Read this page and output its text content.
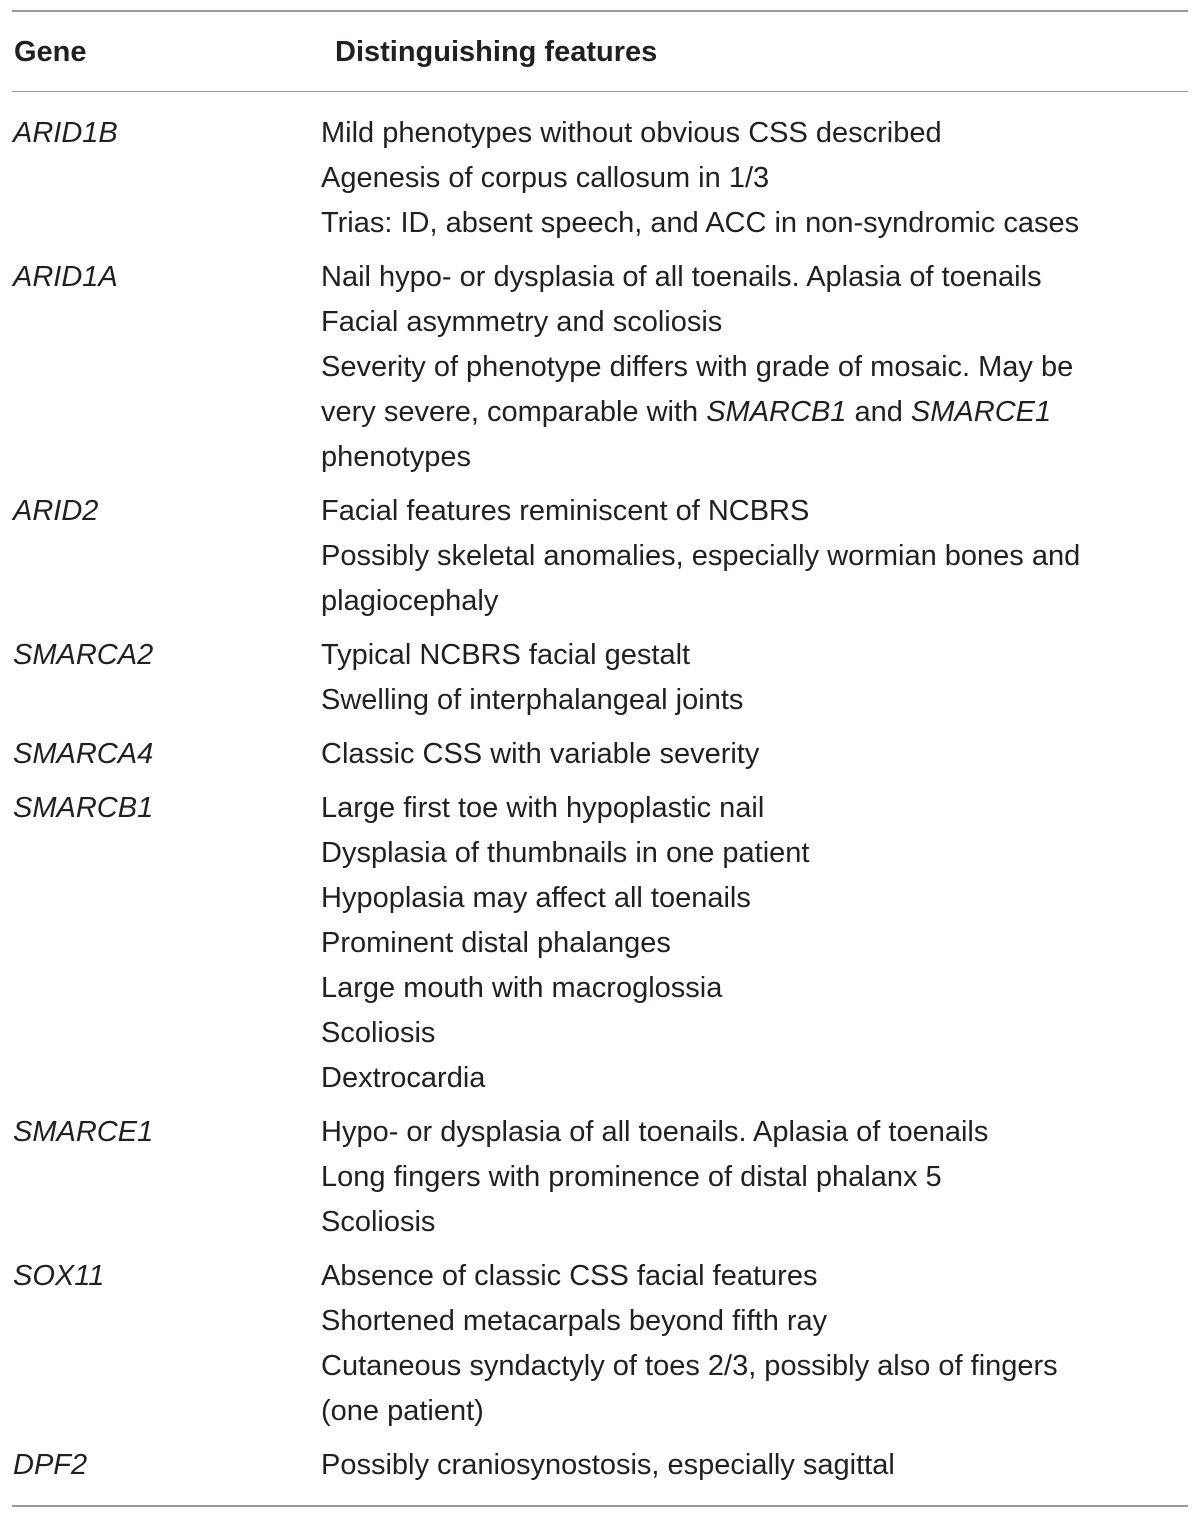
Gene	Distinguishing features
ARID1B	Mild phenotypes without obvious CSS described
Agenesis of corpus callosum in 1/3
Trias: ID, absent speech, and ACC in non-syndromic cases
ARID1A	Nail hypo- or dysplasia of all toenails. Aplasia of toenails
Facial asymmetry and scoliosis
Severity of phenotype differs with grade of mosaic. May be
very severe, comparable with SMARCB1 and SMARCE1
phenotypes
ARID2	Facial features reminiscent of NCBRS
Possibly skeletal anomalies, especially wormian bones and
plagiocephaly
SMARCA2	Typical NCBRS facial gestalt
Swelling of interphalangeal joints
SMARCA4	Classic CSS with variable severity
SMARCB1	Large first toe with hypoplastic nail
Dysplasia of thumbnails in one patient
Hypoplasia may affect all toenails
Prominent distal phalanges
Large mouth with macroglossia
Scoliosis
Dextrocardia
SMARCE1	Hypo- or dysplasia of all toenails. Aplasia of toenails
Long fingers with prominence of distal phalanx 5
Scoliosis
SOX11	Absence of classic CSS facial features
Shortened metacarpals beyond fifth ray
Cutaneous syndactyly of toes 2/3, possibly also of fingers
(one patient)
DPF2	Possibly craniosynostosis, especially sagittal
